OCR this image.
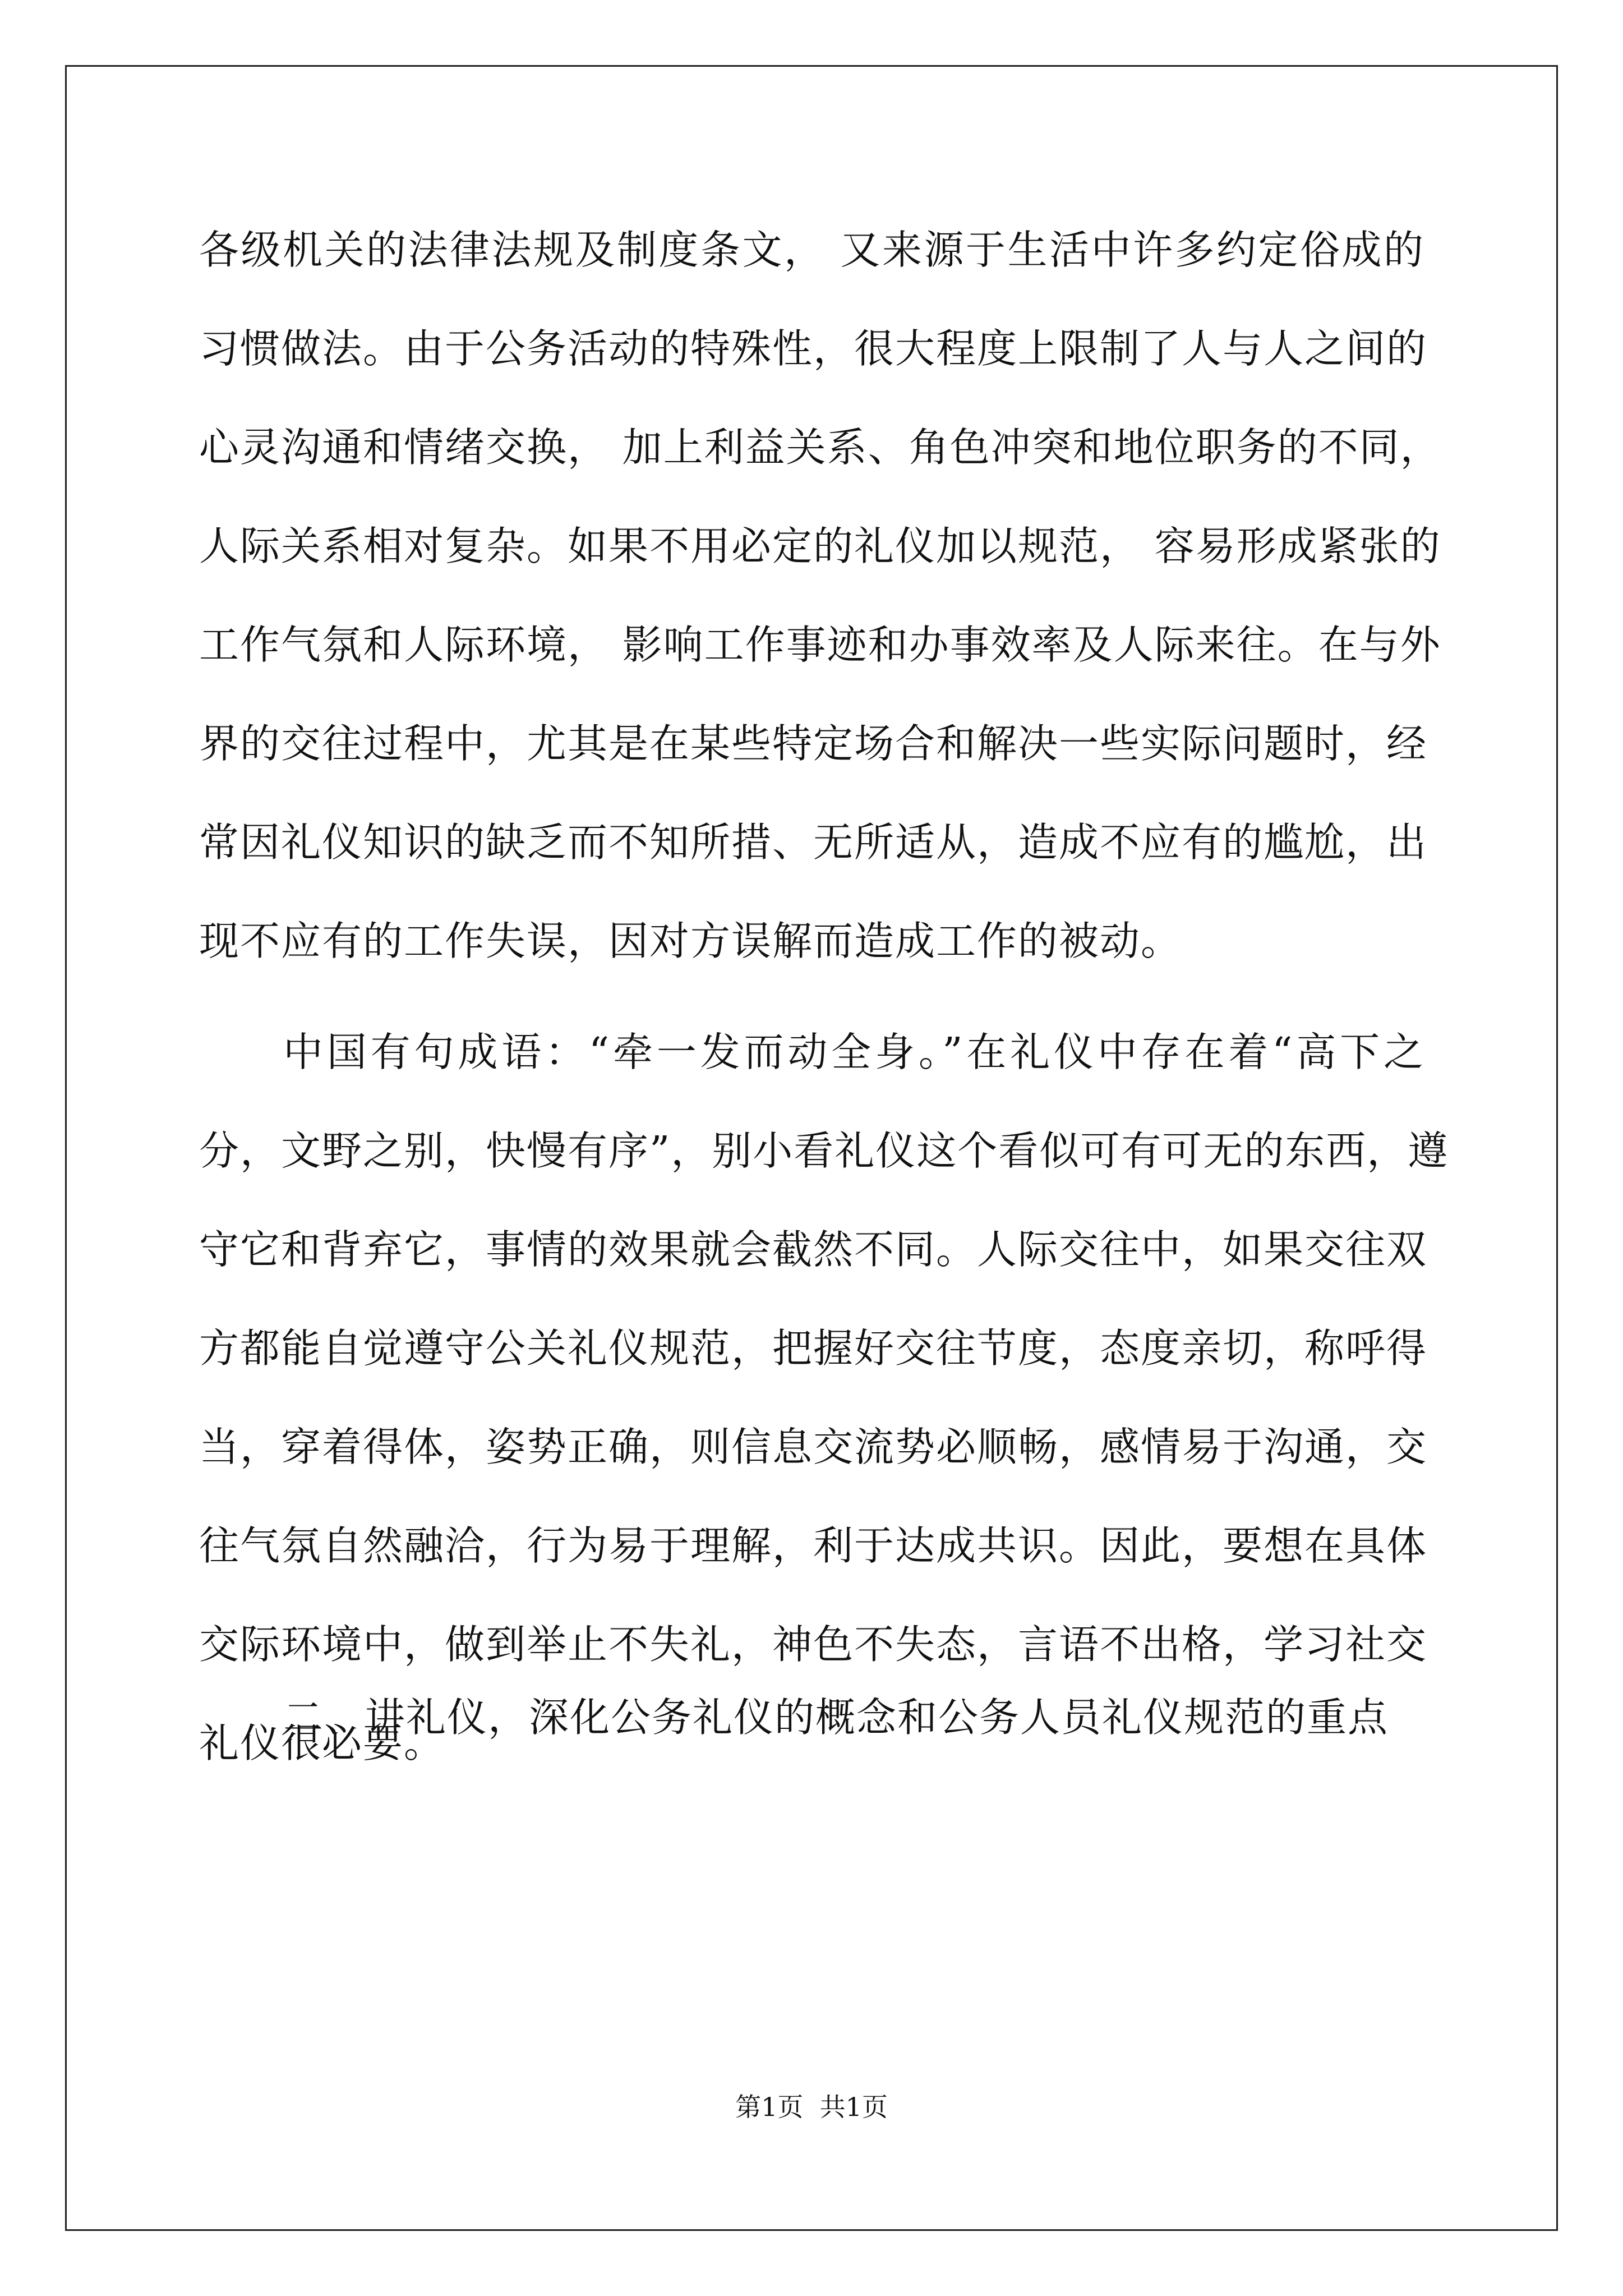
各级机关的法律法规及制度条文， 又来源于生活中许多约定俗成的
习惯做法。由于公务活动的特殊性，很大程度上限制了人与人之间的
心灵沟通和情绪交换， 加上利益关系、角色冲突和地位职务的不同，
人际关系相对复杂。如果不用必定的礼仪加以规范， 容易形成紧张的
工作气氛和人际环境， 影响工作事迹和办事效率及人际来往。在与外
界的交往过程中，尤其是在某些特定场合和解决一些实际问题时，经
常因礼仪知识的缺乏而不知所措、无所适从，造成不应有的尴尬，出
现不应有的工作失误，因对方误解而造成工作的被动。
中国有句成语：“牵一发而动全身。”在礼仪中存在着“高下之
分，文野之别，快慢有序”，别小看礼仪这个看似可有可无的东西，遵
守它和背弃它，事情的效果就会截然不同。人际交往中，如果交往双
方都能自觉遵守公关礼仪规范，把握好交往节度，态度亲切，称呼得
当，穿着得体，姿势正确，则信息交流势必顺畅，感情易于沟通，交
往气氛自然融洽，行为易于理解，利于达成共识。因此，要想在具体
交际环境中，做到举止不失礼，神色不失态，言语不出格，学习社交
礼仪很必要。
二、讲礼仪，深化公务礼仪的概念和公务人员礼仪规范的重点
第1页  共1页
